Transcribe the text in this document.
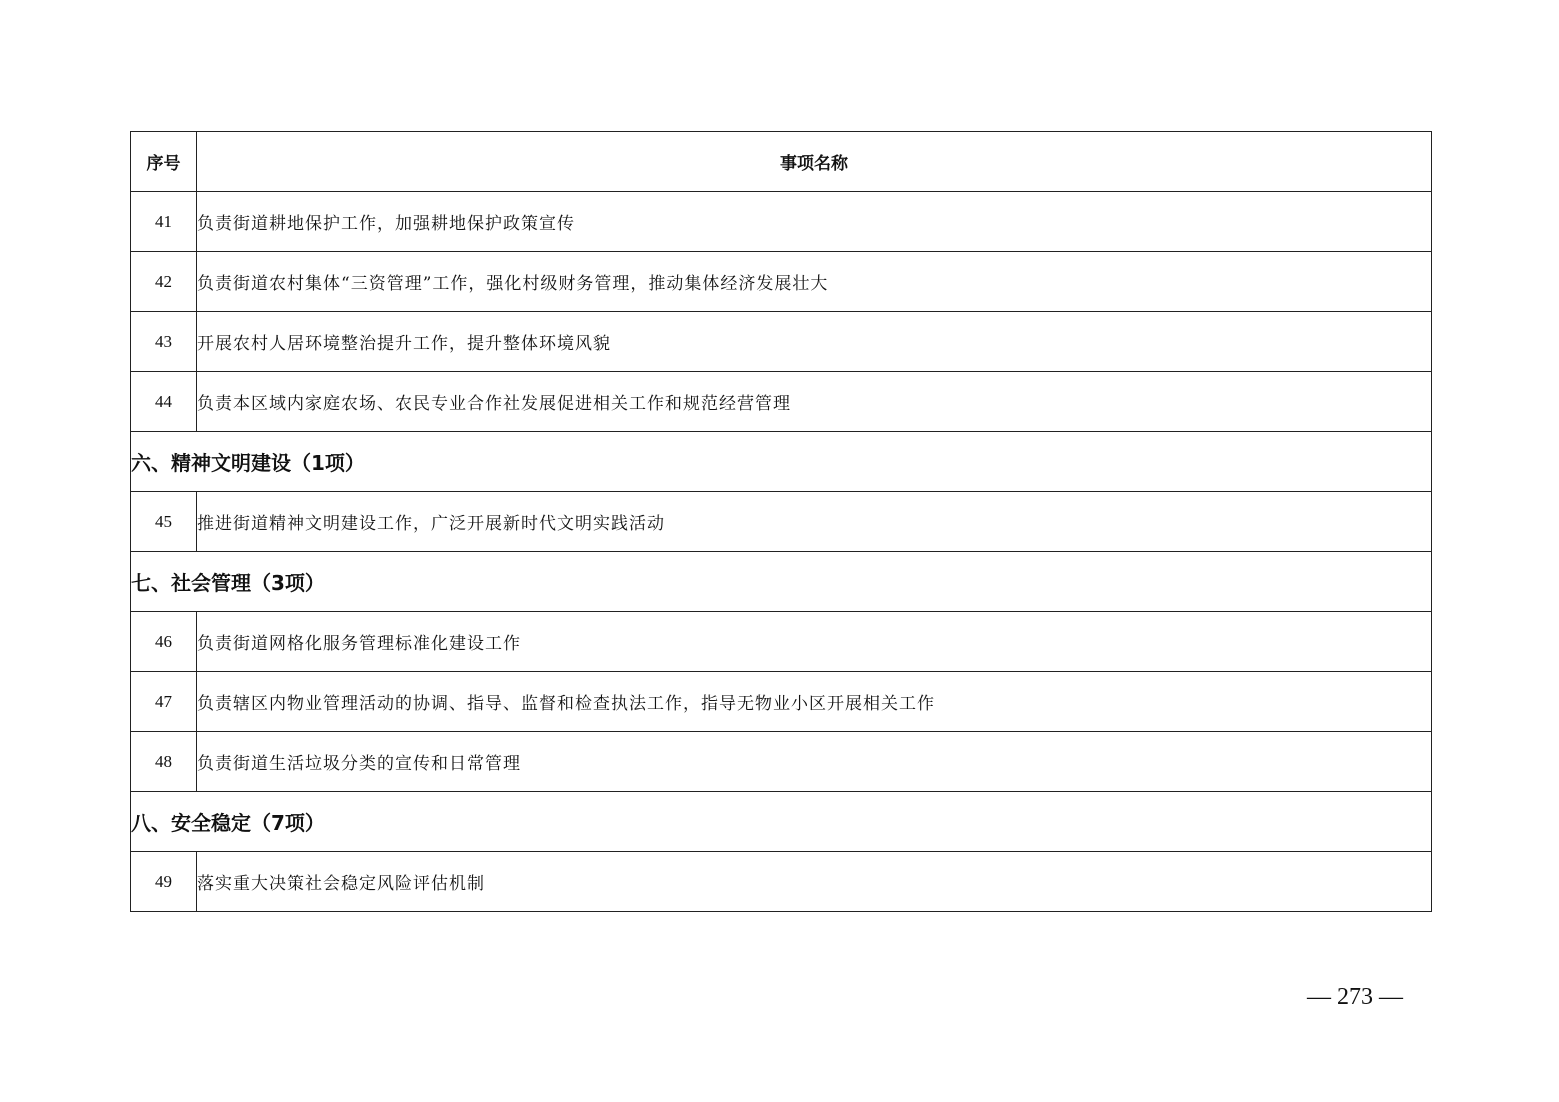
序号	事项名称
41	负责街道耕地保护工作，加强耕地保护政策宣传
42	负责街道农村集体“三资管理”工作，强化村级财务管理，推动集体经济发展壮大
43	开展农村人居环境整治提升工作，提升整体环境风貌
44	负责本区域内家庭农场、农民专业合作社发展促进相关工作和规范经营管理
六、精神文明建设（1项）	
45	推进街道精神文明建设工作，广泛开展新时代文明实践活动
七、社会管理（3项）	
46	负责街道网格化服务管理标准化建设工作
47	负责辖区内物业管理活动的协调、指导、监督和检查执法工作，指导无物业小区开展相关工作
48	负责街道生活垃圾分类的宣传和日常管理
八、安全稳定（7项）	
49	落实重大决策社会稳定风险评估机制
— 273 —
